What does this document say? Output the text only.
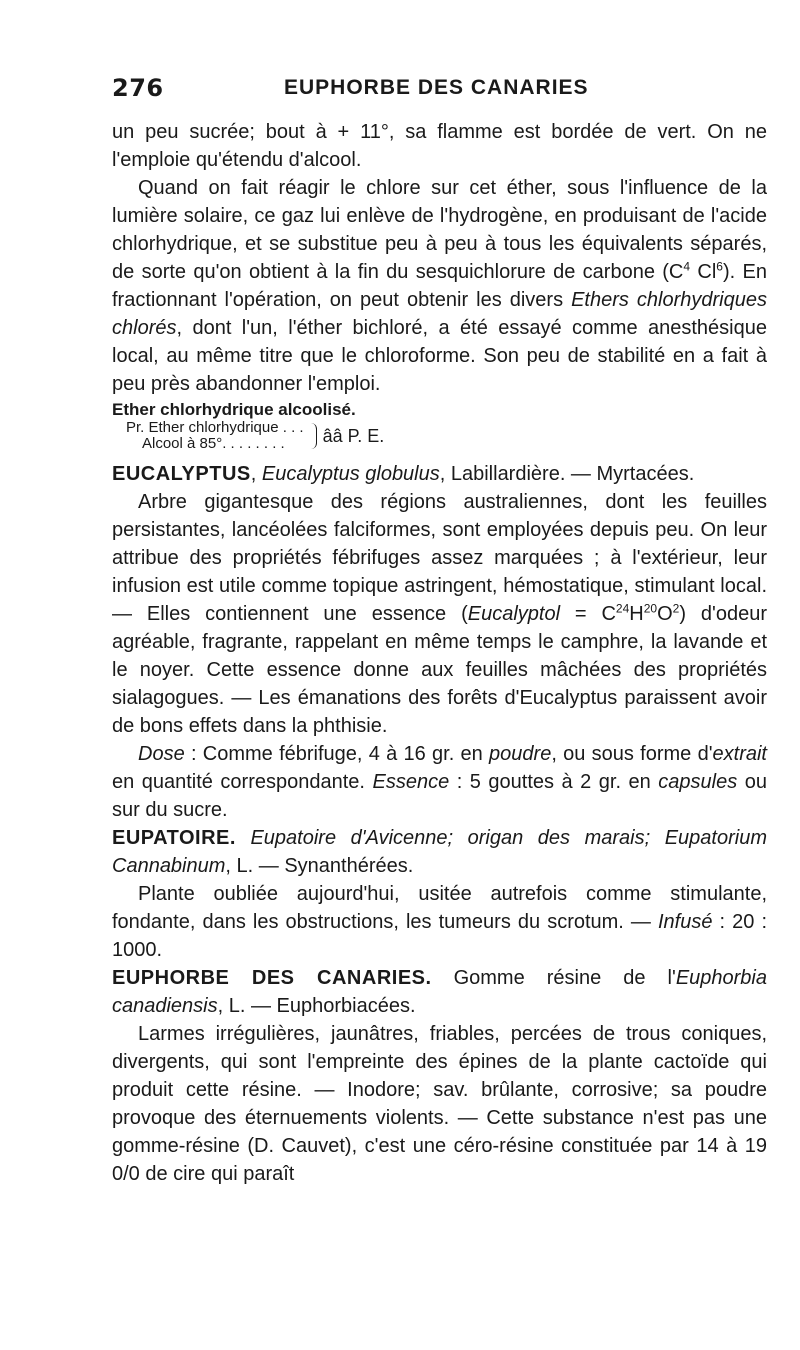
276	EUPHORBE DES CANARIES

un peu sucrée; bout à + 11°, sa flamme est bordée de vert. On ne l'emploie qu'étendu d'alcool.

Quand on fait réagir le chlore sur cet éther, sous l'influence de la lumière solaire, ce gaz lui enlève de l'hydrogène, en produisant de l'acide chlorhydrique, et se substitue peu à peu à tous les équivalents séparés, de sorte qu'on obtient à la fin du sesquichlorure de carbone ($C^4$ Cl$^6$). En fractionnant l'opération, on peut obtenir les divers Ethers chlorhydriques chlorés, dont l'un, l'éther bichloré, a été essayé comme anesthésique local, au même titre que le chloroforme. Son peu de stabilité en a fait à peu près abandonner l'emploi.

Ether chlorhydrique alcoolisé.
Pr. Ether chlorhydrique . . .
Alcool à 85°. . . . . . . .	ââ P. E.

EUCALYPTUS, Eucalyptus globulus, Labillardière. — Myrtacées.

Arbre gigantesque des régions australiennes, dont les feuilles persistantes, lancéolées falciformes, sont employées depuis peu. On leur attribue des propriétés fébrifuges assez marquées ; à l'extérieur, leur infusion est utile comme topique astringent, hémostatique, stimulant local. — Elles contiennent une essence (Eucalyptol = $C^{24}H^{20}O^2$) d'odeur agréable, fragrante, rappelant en même temps le camphre, la lavande et le noyer. Cette essence donne aux feuilles mâchées des propriétés sialagogues. — Les émanations des forêts d'Eucalyptus paraissent avoir de bons effets dans la phthisie.

Dose : Comme fébrifuge, 4 à 16 gr. en poudre, ou sous forme d'extrait en quantité correspondante. Essence : 5 gouttes à 2 gr. en capsules ou sur du sucre.

EUPATOIRE. Eupatoire d'Avicenne; origan des marais; Eupatorium Cannabinum, L. — Synanthérées.

Plante oubliée aujourd'hui, usitée autrefois comme stimulante, fondante, dans les obstructions, les tumeurs du scrotum. — Infusé : 20 : 1000.

EUPHORBE DES CANARIES. Gomme résine de l'Euphorbia canadiensis, L. — Euphorbiacées.

Larmes irrégulières, jaunâtres, friables, percées de trous coniques, divergents, qui sont l'empreinte des épines de la plante cactoïde qui produit cette résine. — Inodore; sav. brûlante, corrosive; sa poudre provoque des éternuements violents. — Cette substance n'est pas une gomme-résine (D. Cauvet), c'est une céro-résine constituée par 14 à 19 0/0 de cire qui paraît
